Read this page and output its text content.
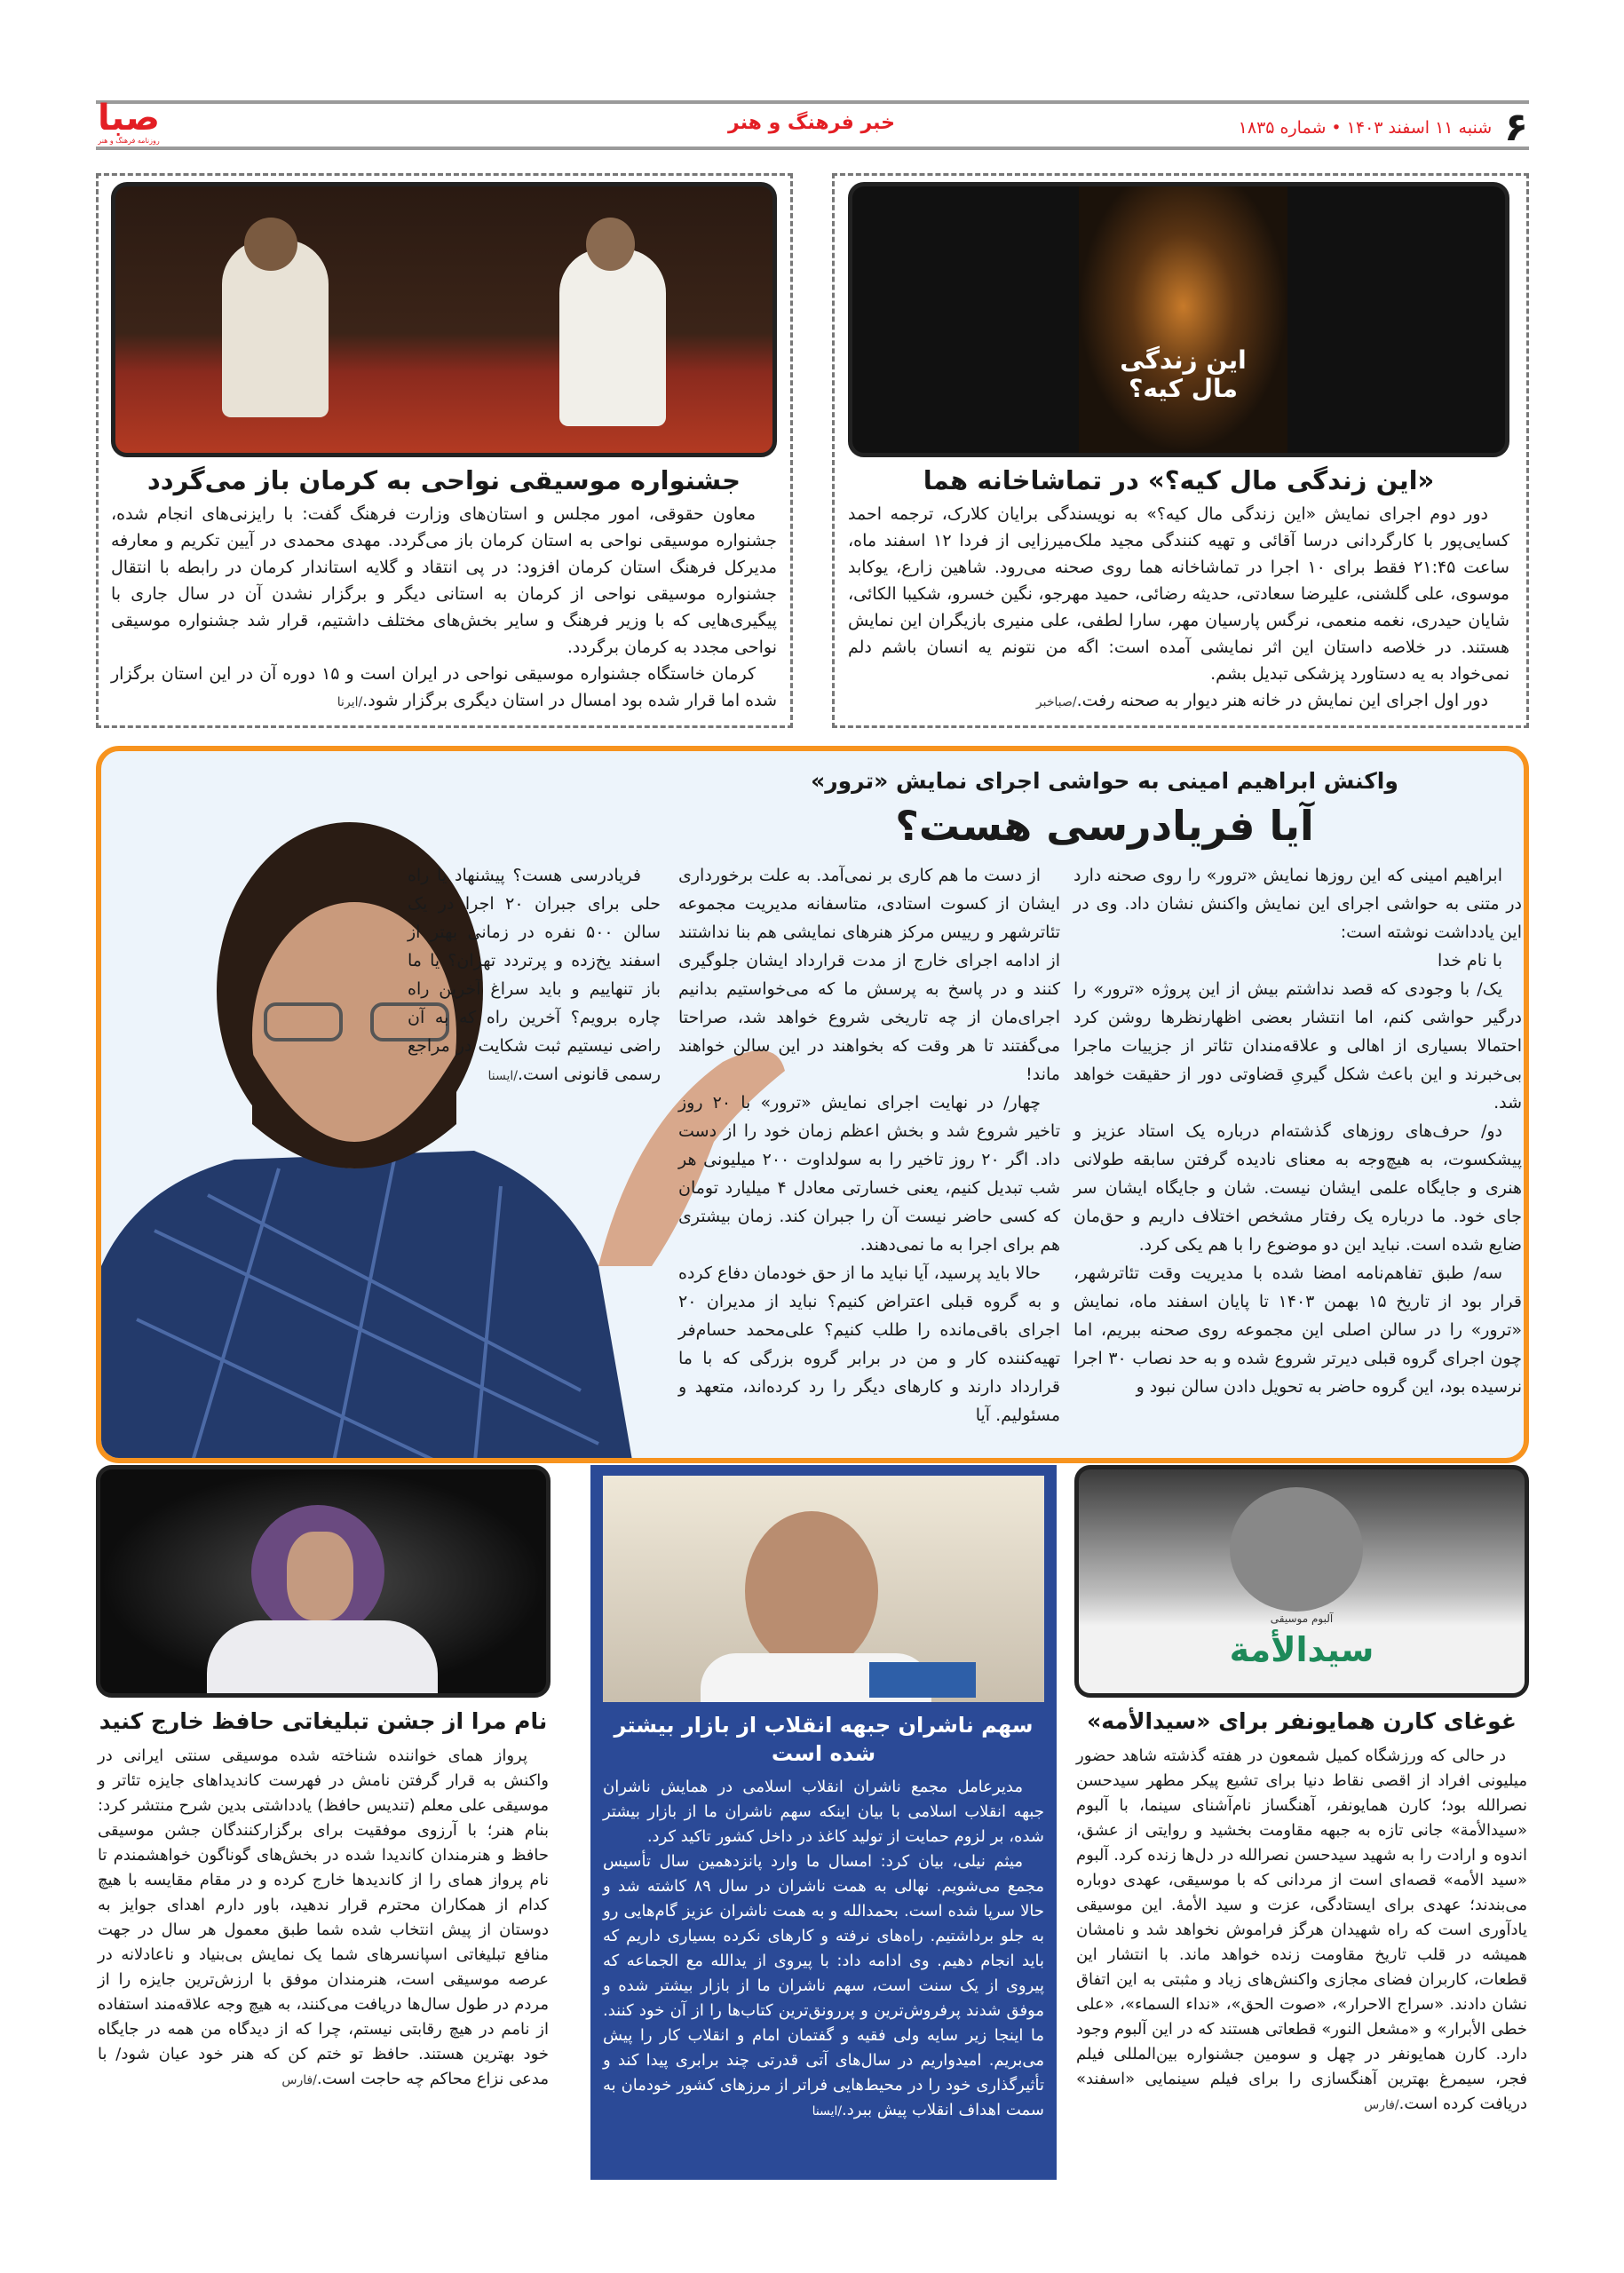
۶
شنبه ۱۱ اسفند ۱۴۰۳ • شماره ۱۸۳۵
خبر فرهنگ و هنر
صبا
روزنامه فرهنگ و هنر
این زندگی مال کیه؟
«این زندگی مال کیه؟» در تماشاخانه هما

دور دوم اجرای نمایش «این زندگی مال کیه؟» به نویسندگی برایان کلارک، ترجمه احمد کسایی‌پور با کارگردانی درسا آقائی و تهیه کنندگی مجید ملک‌میرزایی از فردا ۱۲ اسفند ماه، ساعت ۲۱:۴۵ فقط برای ۱۰ اجرا در تماشاخانه هما روی صحنه می‌رود. شاهین زارع، یوکابد موسوی، علی گلشنی، علیرضا سعادتی، حدیثه رضائی، حمید مهرجو، نگین خسرو، شکیبا الکائی، شایان حیدری، نغمه منعمی، نرگس پارسیان مهر، سارا لطفی، علی منیری بازیگران این نمایش هستند. در خلاصه داستان این اثر نمایشی آمده است: اگه من نتونم یه انسان باشم دلم نمی‌خواد به یه دستاورد پزشکی تبدیل بشم.

دور اول اجرای این نمایش در خانه هنر دیوار به صحنه رفت./صباخبر

جشنواره موسیقی نواحی به کرمان باز می‌گردد

معاون حقوقی، امور مجلس و استان‌های وزارت فرهنگ گفت: با رایزنی‌های انجام شده، جشنواره موسیقی نواحی به استان کرمان باز می‌گردد. مهدی محمدی در آیین تکریم و معارفه مدیرکل فرهنگ استان کرمان افزود: در پی انتقاد و گلایه استاندار کرمان در رابطه با انتقال جشنواره موسیقی نواحی از کرمان به استانی دیگر و برگزار نشدن آن در سال جاری با پیگیری‌هایی که با وزیر فرهنگ و سایر بخش‌های مختلف داشتیم، قرار شد جشنواره موسیقی نواحی مجدد به کرمان برگردد.

کرمان خاستگاه جشنواره موسیقی نواحی در ایران است و ۱۵ دوره آن در این استان برگزار شده اما قرار شده بود امسال در استان دیگری برگزار شود./ایرنا

واکنش ابراهیم امینی به حواشی اجرای نمایش «ترور»
آیا فریادرسی هست؟

ابراهیم امینی که این روزها نمایش «ترور» را روی صحنه دارد در متنی به حواشی اجرای این نمایش واکنش نشان داد. وی در این یادداشت نوشته است:

با نام خدا

یک/ با وجودی که قصد نداشتم بیش از این پروژه «ترور» را درگیر حواشی کنم، اما انتشار بعضی اظهارنظرها روشن کرد احتمالا بسیاری از اهالی و علاقه‌مندان تئاتر از جزییات ماجرا بی‌خبرند و این باعث شکل گیریِ قضاوتی دور از حقیقت خواهد شد.

دو/ حرف‌های روزهای گذشته‌ام درباره یک استاد عزیز و پیشکسوت، به هیچ‌وجه به معنای نادیده گرفتن سابقه طولانی هنری و جایگاه علمی ایشان نیست. شان و جایگاه ایشان سر جای خود. ما درباره یک رفتار مشخص اختلاف داریم و حق‌مان ضایع شده است. نباید این دو موضوع را با هم یکی کرد.

سه/ طبق تفاهم‌نامه امضا شده با مدیریت وقت تئاترشهر، قرار بود از تاریخ ۱۵ بهمن ۱۴۰۳ تا پایان اسفند ماه، نمایش «ترور» را در سالن اصلی این مجموعه روی صحنه ببریم، اما چون اجرای گروه قبلی دیرتر شروع شده و به حد نصاب ۳۰ اجرا نرسیده بود، این گروه حاضر به تحویل دادن سالن نبود و

از دست ما هم کاری بر نمی‌آمد. به علت برخورداری ایشان از کسوت استادی، متاسفانه مدیریت مجموعه تئاترشهر و رییس مرکز هنرهای نمایشی هم بنا نداشتند از ادامه اجرای خارج از مدت قرارداد ایشان جلوگیری کنند و در پاسخ به پرسش ما که می‌خواستیم بدانیم اجرای‌مان از چه تاریخی شروع خواهد شد، صراحتا می‌گفتند تا هر وقت که بخواهند در این سالن خواهند ماند!

چهار/ در نهایت اجرای نمایش «ترور» با ۲۰ روز تاخیر شروع شد و بخش اعظم زمان خود را از دست داد. اگر ۲۰ روز تاخیر را به سولداوت ۲۰۰ میلیونی هر شب تبدیل کنیم، یعنی خسارتی معادل ۴ میلیارد تومان که کسی حاضر نیست آن را جبران کند. زمان بیشتری هم برای اجرا به ما نمی‌دهند.

حالا باید پرسید، آیا نباید ما از حق خودمان دفاع کرده و به گروه قبلی اعتراض کنیم؟ نباید از مدیران ۲۰ اجرای باقی‌مانده را طلب کنیم؟ علی‌محمد حسام‌فر تهیه‌کننده کار و من در برابر گروه بزرگی که با ما قرارداد دارند و کارهای دیگر را رد کرده‌اند، متعهد و مسئولیم. آیا

فریادرسی هست؟ پیشنهاد یا راه حلی برای جبران ۲۰ اجرا در یک سالن ۵۰۰ نفره در زمانی بهتر از اسفند یخ‌زده و پرتردد تهران؟ یا ما باز تنهاییم و باید سراغ آخرین راه چاره برویم؟ آخرین راه که به آن راضی نیستیم ثبت شکایت در مراجع رسمی قانونی است./ایسنا

آلبوم موسیقی
سیدالأمة
غوغای کارن همایونفر برای «سیدالأمه»

در حالی که ورزشگاه کمیل شمعون در هفته گذشته شاهد حضور میلیونی افراد از اقصی نقاط دنیا برای تشیع پیکر مطهر سیدحسن نصرالله بود؛ کارن همایونفر، آهنگساز نام‌آشنای سینما، با آلبوم «سیدالأمة» جانی تازه به جبهه مقاومت بخشید و روایتی از عشق، اندوه و ارادت را به شهید سیدحسن نصرالله در دل‌ها زنده کرد. آلبوم «سید الأمه» قصه‌ای است از مردانی که با موسیقی، عهدی دوباره می‌بندند؛ عهدی برای ایستادگی، عزت و سید الأمۀ. این موسیقی یادآوری است که راه شهیدان هرگز فراموش نخواهد شد و نامشان همیشه در قلب تاریخ مقاومت زنده خواهد ماند. با انتشار این قطعات، کاربران فضای مجازی واکنش‌های زیاد و مثبتی به این اتفاق نشان دادند. «سراج الاحرار»، «صوت الحق»، «نداء السماء»، «علی خطی الأبرار» و «مشعل النور» قطعاتی هستند که در این آلبوم وجود دارد. کارن همایونفر در چهل و سومین جشنواره بین‌المللی فیلم فجر، سیمرغ بهترین آهنگسازی را برای فیلم سینمایی «اسفند» دریافت کرده است./فارس

سهم ناشران جبهه انقلاب از بازار بیشتر شده است

مدیرعامل مجمع ناشران انقلاب اسلامی در همایش ناشران جبهه انقلاب اسلامی با بیان اینکه سهم ناشران ما از بازار بیشتر شده، بر لزوم حمایت از تولید کاغذ در داخل کشور تاکید کرد.

میثم نیلی، بیان کرد: امسال ما وارد پانزدهمین سال تأسیس مجمع می‌شویم. نهالی به همت ناشران در سال ۸۹ کاشته شد و حالا سرپا شده است. بحمدالله و به همت ناشران عزیز گام‌هایی رو به جلو برداشتیم. راه‌های نرفته و کارهای نکرده بسیاری داریم که باید انجام دهیم. وی ادامه داد: با پیروی از یدالله مع الجماعه که پیروی از یک سنت است، سهم ناشران ما از بازار بیشتر شده و موفق شدند پرفروش‌ترین و پررونق‌ترین کتاب‌ها را از آن خود کنند. ما اینجا زیر سایه ولی فقیه و گفتمان امام و انقلاب کار را پیش می‌بریم. امیدواریم در سال‌های آتی قدرتی چند برابری پیدا کند و تأثیرگذاری خود را در محیط‌هایی فراتر از مرزهای کشور خودمان به سمت اهداف انقلاب پیش ببرد./ایسنا

نام مرا از جشن تبلیغاتی حافظ خارج کنید

پرواز همای خواننده شناخته شده موسیقی سنتی ایرانی در واکنش به قرار گرفتن نامش در فهرست کاندیداهای جایزه تئاتر و موسیقی علی معلم (تندیس حافظ) یادداشتی بدین شرح منتشر کرد: بنام هنر؛ با آرزوی موفقیت برای برگزارکنندگان جشن موسیقی حافظ و هنرمندان کاندیدا شده در بخش‌های گوناگون خواهشمندم تا نام پرواز همای را از کاندیدها خارج کرده و در مقام مقایسه با هیچ کدام از همکاران محترم قرار ندهید، باور دارم اهدای جوایز به دوستان از پیش انتخاب شده شما طبق معمول هر سال در جهت منافع تبلیغاتی اسپانسرهای شما یک نمایش بی‌بنیاد و ناعادلانه در عرصه موسیقی است، هنرمندان موفق با ارزش‌ترین جایزه را از مردم در طول سال‌ها دریافت می‌کنند، به هیچ وجه علاقه‌مند استفاده از نامم در هیچ رقابتی نیستم، چرا که از دیدگاه من همه در جایگاه خود بهترین هستند. حافظ تو ختم کن که هنر خود عیان شود/ با مدعی نزاع محاکم چه حاجت است./فارس
